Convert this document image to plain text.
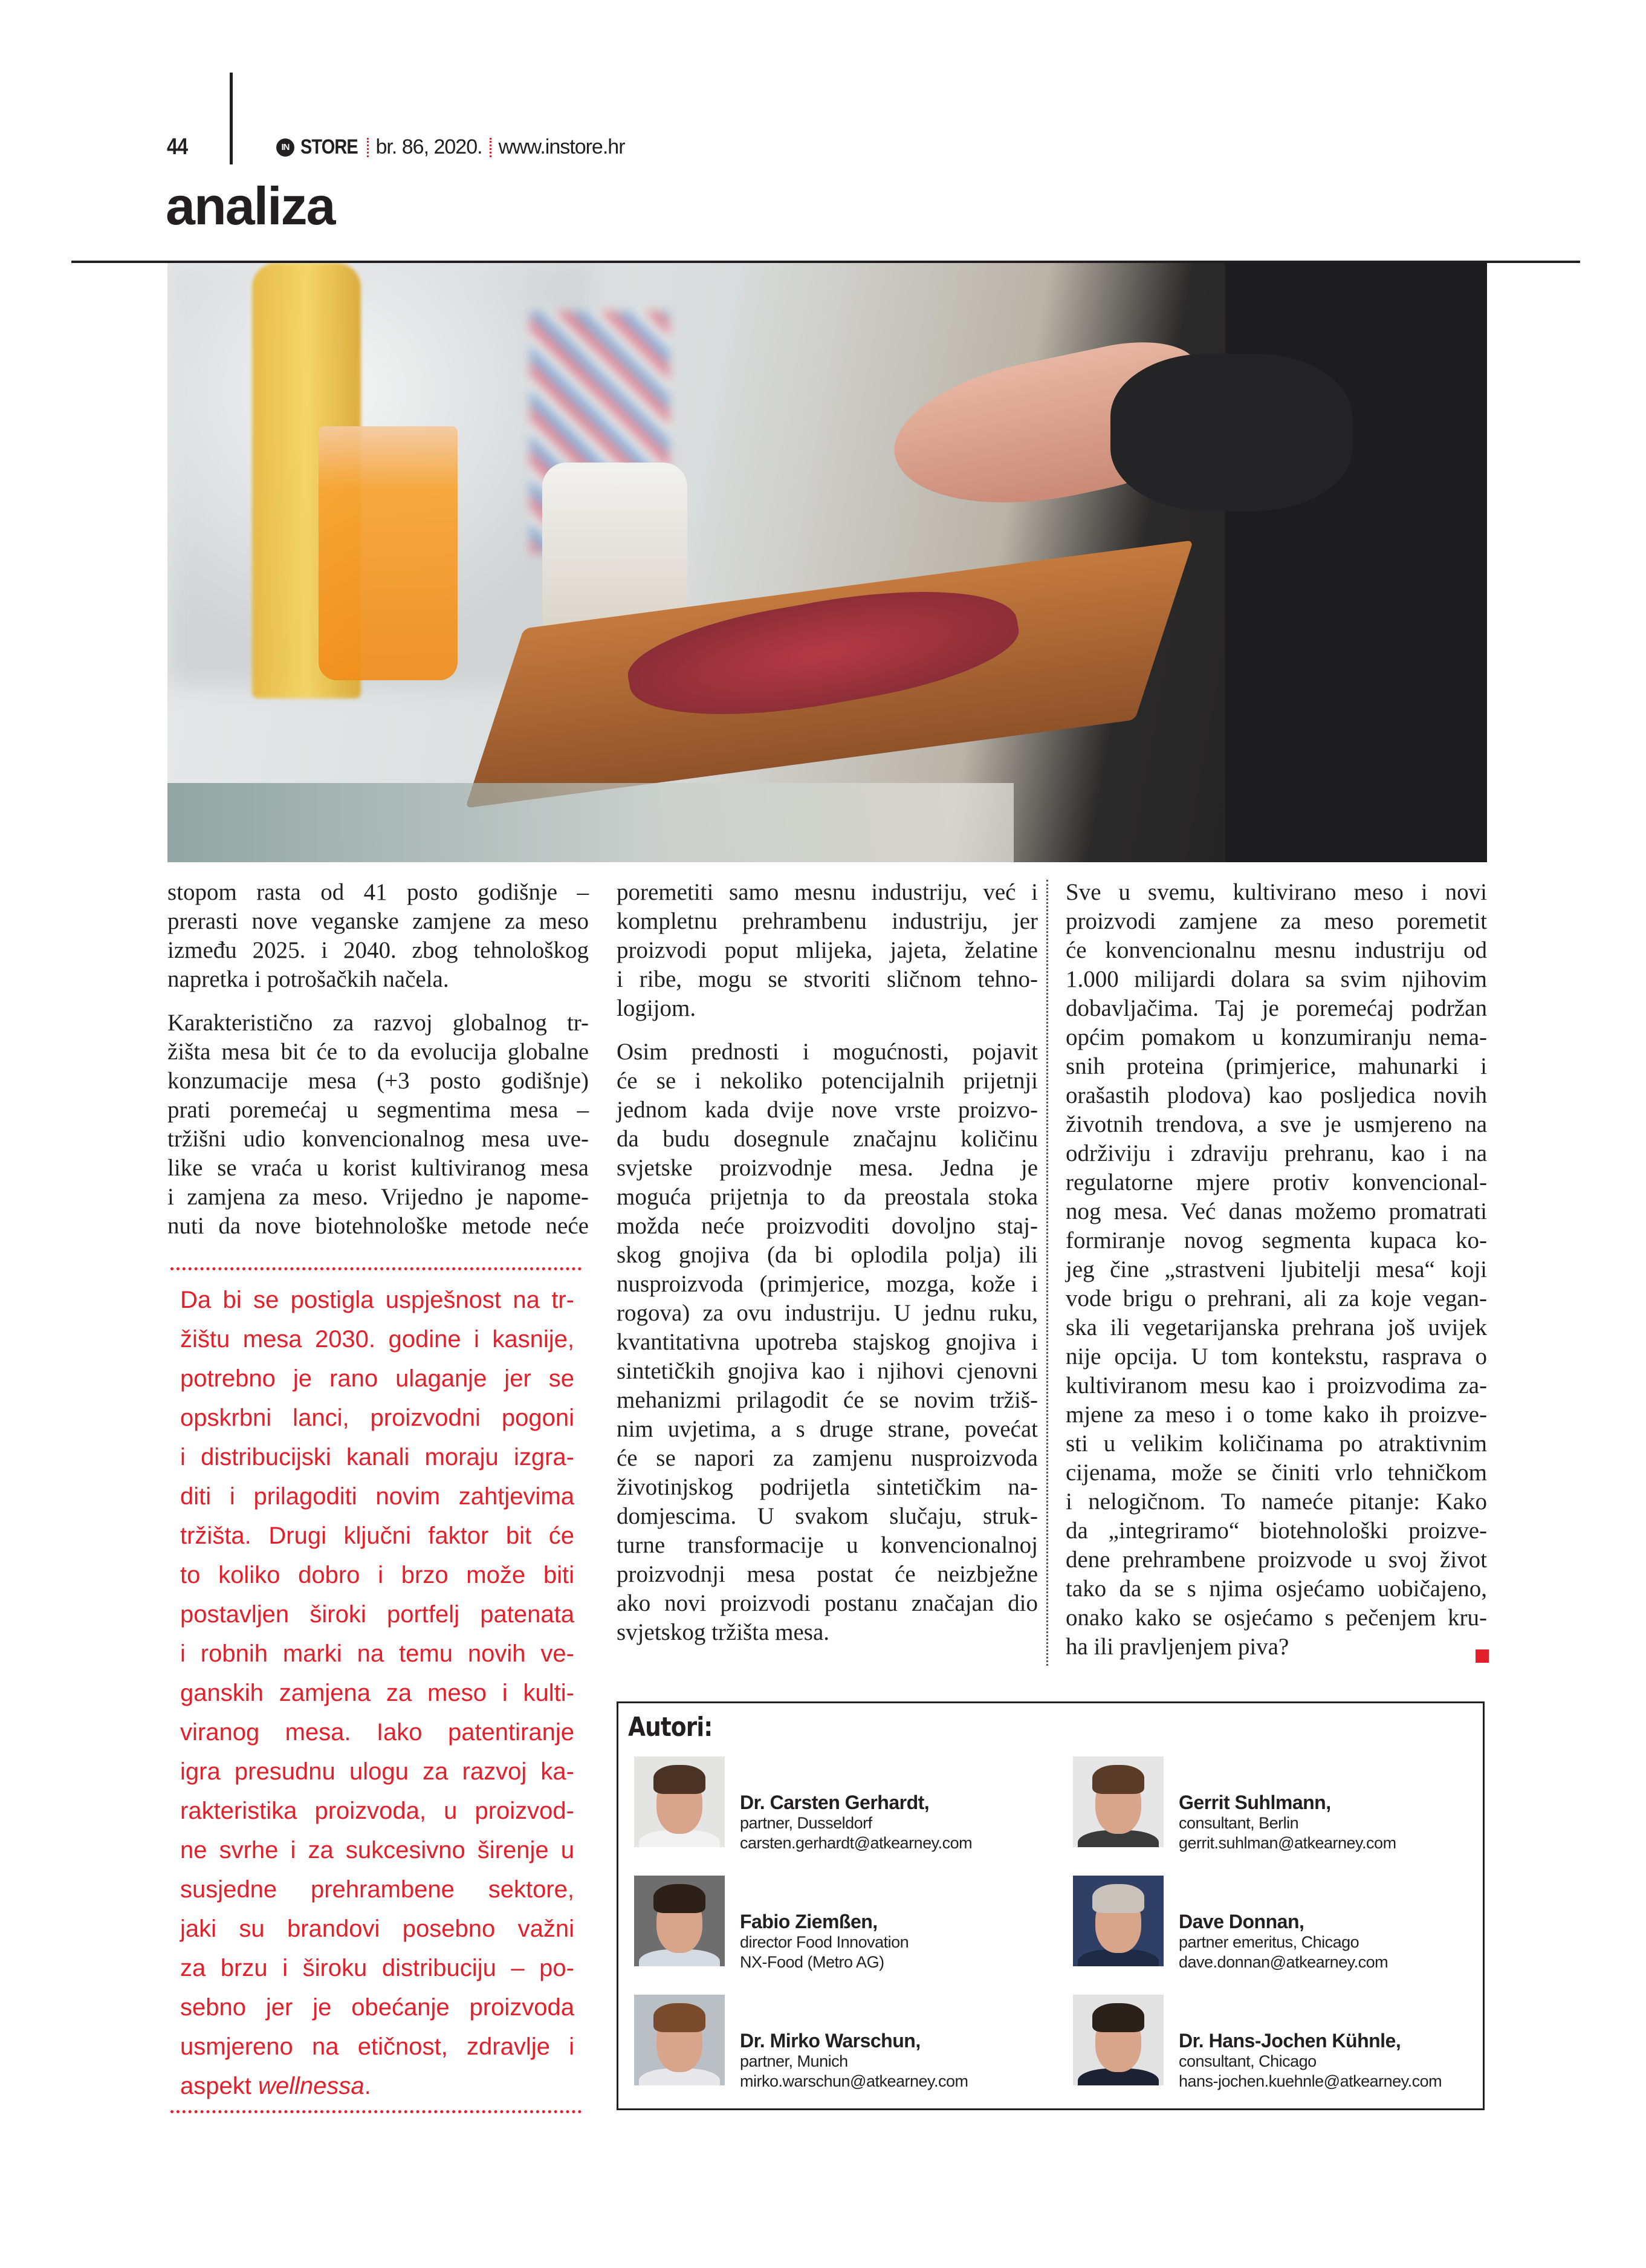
44	IN STORE br. 86, 2020. www.instore.hr
analiza
stopom rasta od 41 posto godišnje –
prerasti nove veganske zamjene za meso
između 2025. i 2040. zbog tehnološkog
napretka i potrošačkih načela.
Karakteristično za razvoj globalnog tr-
žišta mesa bit će to da evolucija globalne
konzumacije mesa (+3 posto godišnje)
prati poremećaj u segmentima mesa –
tržišni udio konvencionalnog mesa uve-
like se vraća u korist kultiviranog mesa
i zamjena za meso. Vrijedno je napome-
nuti da nove biotehnološke metode neće
Da bi se postigla uspješnost na tr-
žištu mesa 2030. godine i kasnije,
potrebno je rano ulaganje jer se
opskrbni lanci, proizvodni pogoni
i distribucijski kanali moraju izgra-
diti i prilagoditi novim zahtjevima
tržišta. Drugi ključni faktor bit će
to koliko dobro i brzo može biti
postavljen široki portfelj patenata
i robnih marki na temu novih ve-
ganskih zamjena za meso i kulti-
viranog mesa. Iako patentiranje
igra presudnu ulogu za razvoj ka-
rakteristika proizvoda, u proizvod-
ne svrhe i za sukcesivno širenje u
susjedne prehrambene sektore,
jaki su brandovi posebno važni
za brzu i široku distribuciju – po-
sebno jer je obećanje proizvoda
usmjereno na etičnost, zdravlje i
aspekt wellnessa.
poremetiti samo mesnu industriju, već i
kompletnu prehrambenu industriju, jer
proizvodi poput mlijeka, jajeta, želatine
i ribe, mogu se stvoriti sličnom tehno-
logijom.
Osim prednosti i mogućnosti, pojavit
će se i nekoliko potencijalnih prijetnji
jednom kada dvije nove vrste proizvo-
da budu dosegnule značajnu količinu
svjetske proizvodnje mesa. Jedna je
moguća prijetnja to da preostala stoka
možda neće proizvoditi dovoljno staj-
skog gnojiva (da bi oplodila polja) ili
nusproizvoda (primjerice, mozga, kože i
rogova) za ovu industriju. U jednu ruku,
kvantitativna upotreba stajskog gnojiva i
sintetičkih gnojiva kao i njihovi cjenovni
mehanizmi prilagodit će se novim tržiš-
nim uvjetima, a s druge strane, povećat
će se napori za zamjenu nusproizvoda
životinjskog podrijetla sintetičkim na-
domjescima. U svakom slučaju, struk-
turne transformacije u konvencionalnoj
proizvodnji mesa postat će neizbježne
ako novi proizvodi postanu značajan dio
svjetskog tržišta mesa.
Sve u svemu, kultivirano meso i novi
proizvodi zamjene za meso poremetit
će konvencionalnu mesnu industriju od
1.000 milijardi dolara sa svim njihovim
dobavljačima. Taj je poremećaj podržan
općim pomakom u konzumiranju nema-
snih proteina (primjerice, mahunarki i
orašastih plodova) kao posljedica novih
životnih trendova, a sve je usmjereno na
održiviju i zdraviju prehranu, kao i na
regulatorne mjere protiv konvencional-
nog mesa. Već danas možemo promatrati
formiranje novog segmenta kupaca ko-
jeg čine „strastveni ljubitelji mesa“ koji
vode brigu o prehrani, ali za koje vegan-
ska ili vegetarijanska prehrana još uvijek
nije opcija. U tom kontekstu, rasprava o
kultiviranom mesu kao i proizvodima za-
mjene za meso i o tome kako ih proizve-
sti u velikim količinama po atraktivnim
cijenama, može se činiti vrlo tehničkom
i nelogičnom. To nameće pitanje: Kako
da „integriramo“ biotehnološki proizve-
dene prehrambene proizvode u svoj život
tako da se s njima osjećamo uobičajeno,
onako kako se osjećamo s pečenjem kru-
ha ili pravljenjem piva?
Autori:
Dr. Carsten Gerhardt,
partner, Dusseldorf
carsten.gerhardt@atkearney.com
Gerrit Suhlmann,
consultant, Berlin
gerrit.suhlman@atkearney.com
Fabio Ziemßen,
director Food Innovation
NX-Food (Metro AG)
Dave Donnan,
partner emeritus, Chicago
dave.donnan@atkearney.com
Dr. Mirko Warschun,
partner, Munich
mirko.warschun@atkearney.com
Dr. Hans-Jochen Kühnle,
consultant, Chicago
hans-jochen.kuehnle@atkearney.com
